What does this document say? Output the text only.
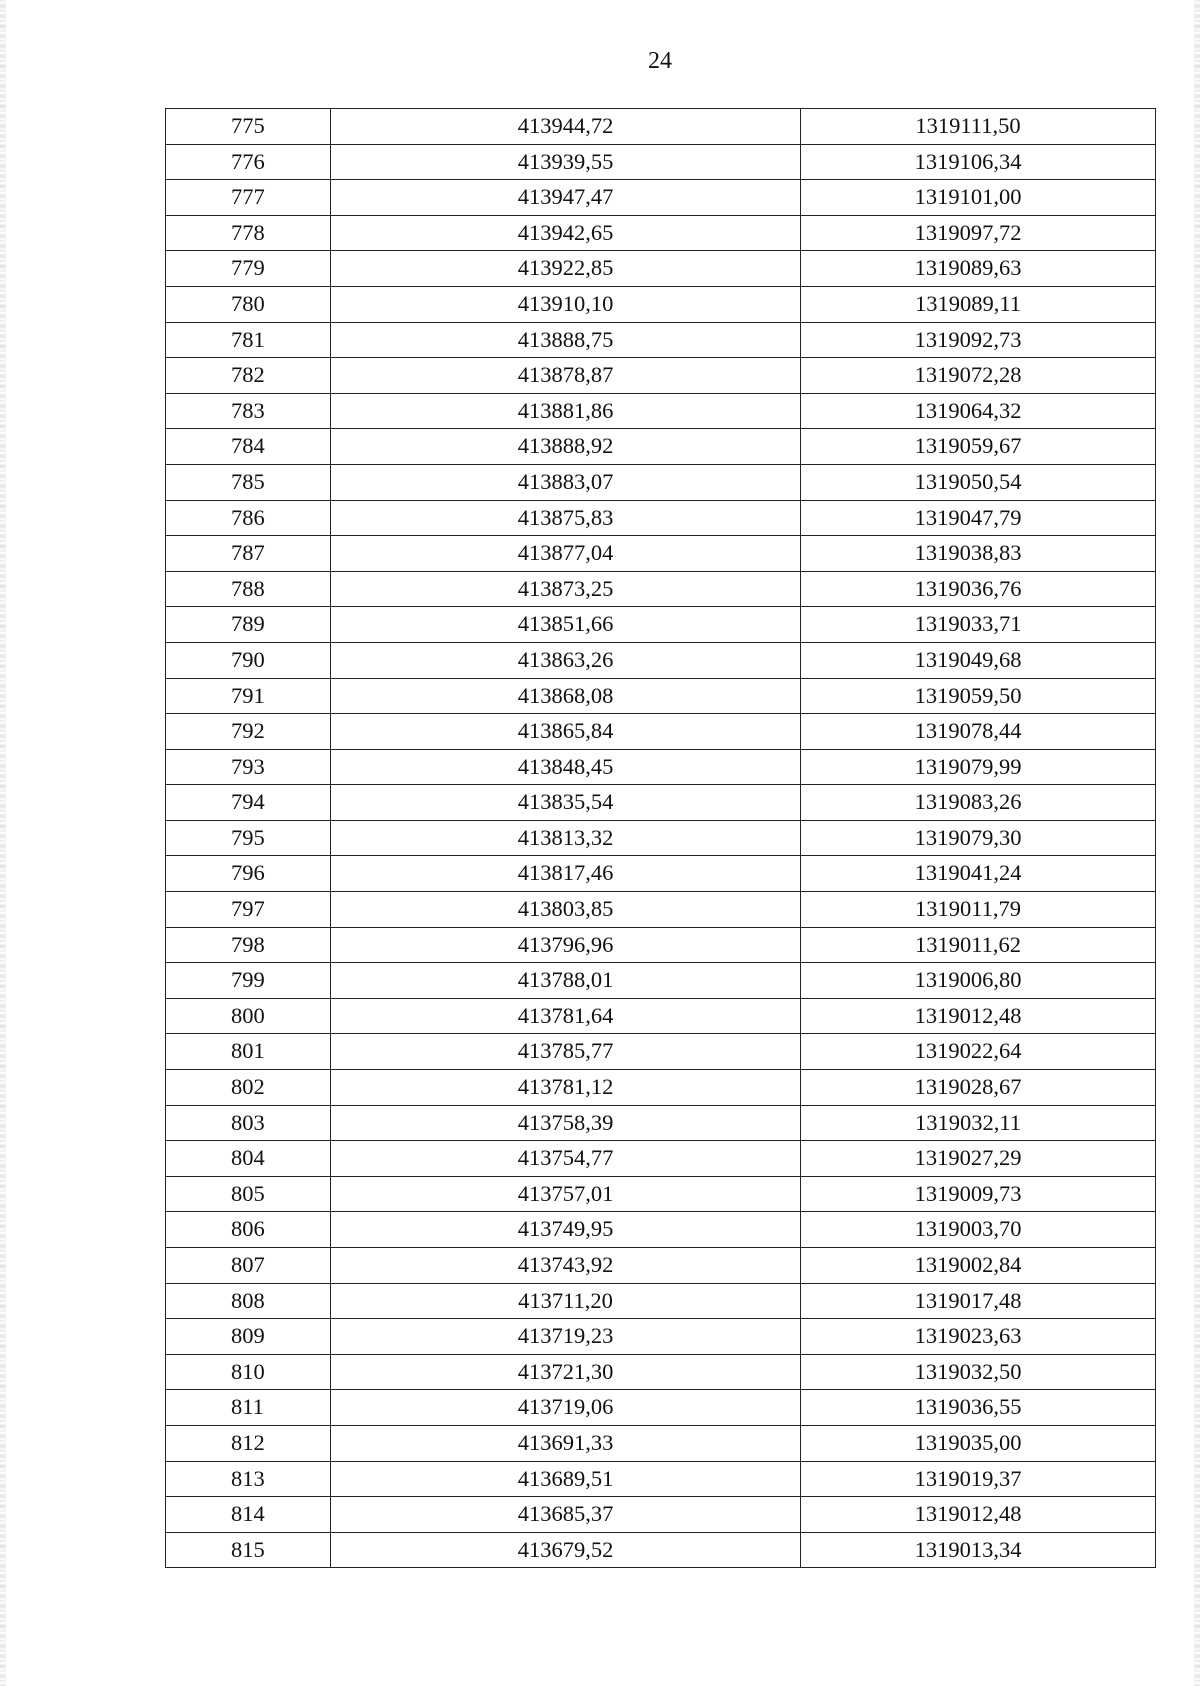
24
775	413944,72	1319111,50
776	413939,55	1319106,34
777	413947,47	1319101,00
778	413942,65	1319097,72
779	413922,85	1319089,63
780	413910,10	1319089,11
781	413888,75	1319092,73
782	413878,87	1319072,28
783	413881,86	1319064,32
784	413888,92	1319059,67
785	413883,07	1319050,54
786	413875,83	1319047,79
787	413877,04	1319038,83
788	413873,25	1319036,76
789	413851,66	1319033,71
790	413863,26	1319049,68
791	413868,08	1319059,50
792	413865,84	1319078,44
793	413848,45	1319079,99
794	413835,54	1319083,26
795	413813,32	1319079,30
796	413817,46	1319041,24
797	413803,85	1319011,79
798	413796,96	1319011,62
799	413788,01	1319006,80
800	413781,64	1319012,48
801	413785,77	1319022,64
802	413781,12	1319028,67
803	413758,39	1319032,11
804	413754,77	1319027,29
805	413757,01	1319009,73
806	413749,95	1319003,70
807	413743,92	1319002,84
808	413711,20	1319017,48
809	413719,23	1319023,63
810	413721,30	1319032,50
811	413719,06	1319036,55
812	413691,33	1319035,00
813	413689,51	1319019,37
814	413685,37	1319012,48
815	413679,52	1319013,34
